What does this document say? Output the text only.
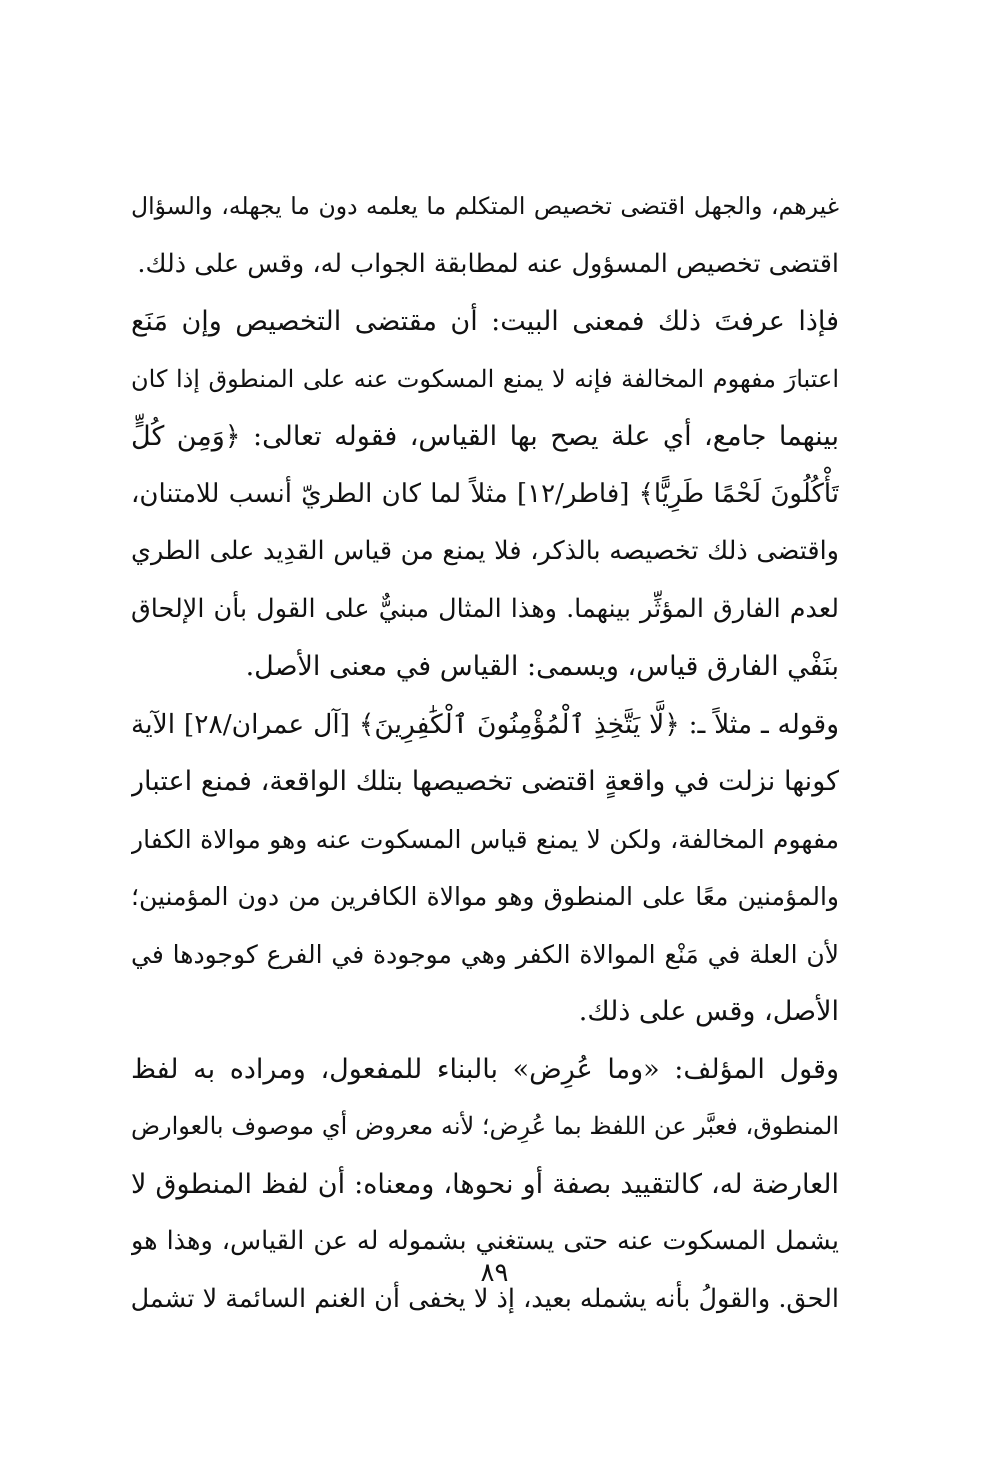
غيرهم، والجهل اقتضى تخصيص المتكلم ما يعلمه دون ما يجهله، والسؤال
اقتضى تخصيص المسؤول عنه لمطابقة الجواب له، وقس على ذلك.
فإذا عرفتَ ذلك فمعنى البيت: أن مقتضى التخصيص وإن مَنَع
اعتبارَ مفهوم المخالفة فإنه لا يمنع المسكوت عنه على المنطوق إذا كان
بينهما جامع، أي علة يصح بها القياس، فقوله تعالى: ﴿وَمِن كُلٍّ
تَأْكُلُونَ لَحْمًا طَرِيًّا﴾ [فاطر/١٢] مثلاً لما كان الطريّ أنسب للامتنان،
واقتضى ذلك تخصيصه بالذكر، فلا يمنع من قياس القدِيد على الطري
لعدم الفارق المؤثِّر بينهما. وهذا المثال مبنيٌّ على القول بأن الإلحاق
بنَفْي الفارق قياس، ويسمى: القياس في معنى الأصل.
وقوله ـ مثلاً ـ: ﴿لَّا يَتَّخِذِ ٱلْمُؤْمِنُونَ ٱلْكَٰفِرِينَ﴾ [آل عمران/٢٨] الآية
كونها نزلت في واقعةٍ اقتضى تخصيصها بتلك الواقعة، فمنع اعتبار
مفهوم المخالفة، ولكن لا يمنع قياس المسكوت عنه وهو موالاة الكفار
والمؤمنين معًا على المنطوق وهو موالاة الكافرين من دون المؤمنين؛
لأن العلة في مَنْع الموالاة الكفر وهي موجودة في الفرع كوجودها في
الأصل، وقس على ذلك.
وقول المؤلف: «وما عُرِض» بالبناء للمفعول، ومراده به لفظ
المنطوق، فعبَّر عن اللفظ بما عُرِض؛ لأنه معروض أي موصوف بالعوارض
العارضة له، كالتقييد بصفة أو نحوها، ومعناه: أن لفظ المنطوق لا
يشمل المسكوت عنه حتى يستغني بشموله له عن القياس، وهذا هو
الحق. والقولُ بأنه يشمله بعيد، إذ لا يخفى أن الغنم السائمة لا تشمل
٨٩
